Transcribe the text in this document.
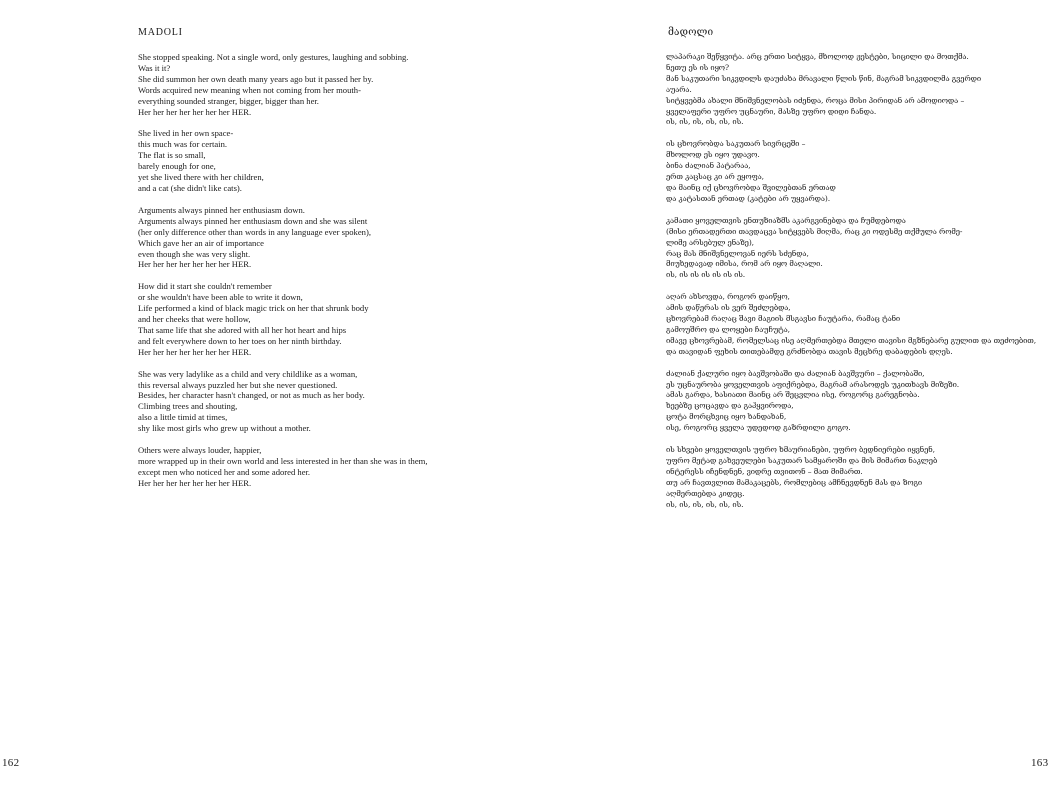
MADOLI
She stopped speaking. Not a single word, only gestures, laughing and sobbing.
Was it it?
She did summon her own death many years ago but it passed her by.
Words acquired new meaning when not coming from her mouth-
everything sounded stranger, bigger, bigger than her.
Her her her her her her her HER.
She lived in her own space-
this much was for certain.
The flat is so small,
barely enough for one,
yet she lived there with her children,
and a cat (she didn't like cats).
Arguments always pinned her enthusiasm down.
Arguments always pinned her enthusiasm down and she was silent
(her only difference other than words in any language ever spoken),
Which gave her an air of importance
even though she was very slight.
Her her her her her her her HER.
How did it start she couldn't remember
or she wouldn't have been able to write it down,
Life performed a kind of black magic trick on her that shrunk body
and her cheeks that were hollow,
That same life that she adored with all her hot heart and hips
and felt everywhere down to her toes on her ninth birthday.
Her her her her her her her HER.
She was very ladylike as a child and very childlike as a woman,
this reversal always puzzled her but she never questioned.
Besides, her character hasn't changed, or not as much as her body.
Climbing trees and shouting,
also a little timid at times,
shy like most girls who grew up without a mother.
Others were always louder, happier,
more wrapped up in their own world and less interested in her than she was in them,
except men who noticed her and some adored her.
Her her her her her her her HER.
162
მადოლი
163
ლაპარაკი შეწყვიტა. არც ერთი სიტყვა, მხოლოდ ჟესტები, სიცილი და მოთქმა.
ნეთუ ეს ის იყო?
მან საკუთარი სიკვდილს დაუძახა მრავალი წლის წინ, მაგრამ სიკვდილმა გვერდი
აუარა.
სიტყვებმა ახალი მნიშვნელობას იძენდა, როცა მისი პირიდან არ ამოდიოდა –
ყველაფერი უფრო უცნაური, მასზე უფრო დიდი ჩანდა.
ის, ის, ის, ის, ის, ის.
ის ცხოვრობდა საკუთარ სივრცეში –
მხოლოდ ეს იყო უდავო.
ბინა ძალიან პატარაა,
ერთ კაცსაც კი არ ეყოფა,
და მაინც იქ ცხოვრობდა შვილებთან ერთად
და კატასთან ერთად (კატები არ უყვარდა).
კამათი ყოველთვის ენთუზიაზმს აკარგვინებდა და ჩუმდებოდა
(მისი ერთადერთი თავდაცვა სიტყვებს მიღმა, რაც კი ოდესმე თქმულა რომე-
ლიმე არსებულ ენაზე),
რაც მას მნიშვნელოვან იერს სძენდა,
მიუხედავად იმისა, რომ არ იყო მაღალი.
ის, ის ის ის ის ის ის.
აღარ ახსოვდა, როგორ დაიწყო,
ამის დაწერას ის ვერ შეძლებდა,
ცხოვრებამ რაღაც შავი მაგიის მსგავსი ჩაუტარა, რამაც ტანი
გამოუშრო და ლოყები ჩაუჩუტა,
იმავე ცხოვრებამ, რომელსაც ისე აღმერთებდა მთელი თავისი მგზნებარე გულით და თეძოებით,
და თავიდან ფეხის თითებამდე გრძნობდა თავის მეცხრე დაბადების დღეს.
ძალიან ქალური იყო ბავშვობაში და ძალიან ბავშვური – ქალობაში,
ეს უცნაურობა ყოველთვის აფიქრებდა, მაგრამ არასოდეს უკითხავს მიზეზი.
ამას გარდა, ხასიათი მაინც არ შეცვლია ისე, როგორც გარეგნობა.
ხეებზე ცოცავდა და გაჰყვიროდა,
ცოტა მორცხვიც იყო ხანდახან,
ისე, როგორც ყველა უდედოდ გაზრდილი გოგო.
ის სხვები ყოველთვის უფრო ხმაურიანები, უფრო ბედნიერები იყვნენ,
უფრო მეტად გახვეულები საკუთარ სამყაროში და მის მიმართ ნაკლებ
ინტერესს იჩენდნენ, ვიდრე თვითონ – მათ მიმართ.
თუ არ ჩავთვლით მამაკაცებს, რომლებიც ამჩნევდნენ მას და ზოგი
აღმერთებდა კიდეც.
ის, ის, ის, ის, ის, ის.
